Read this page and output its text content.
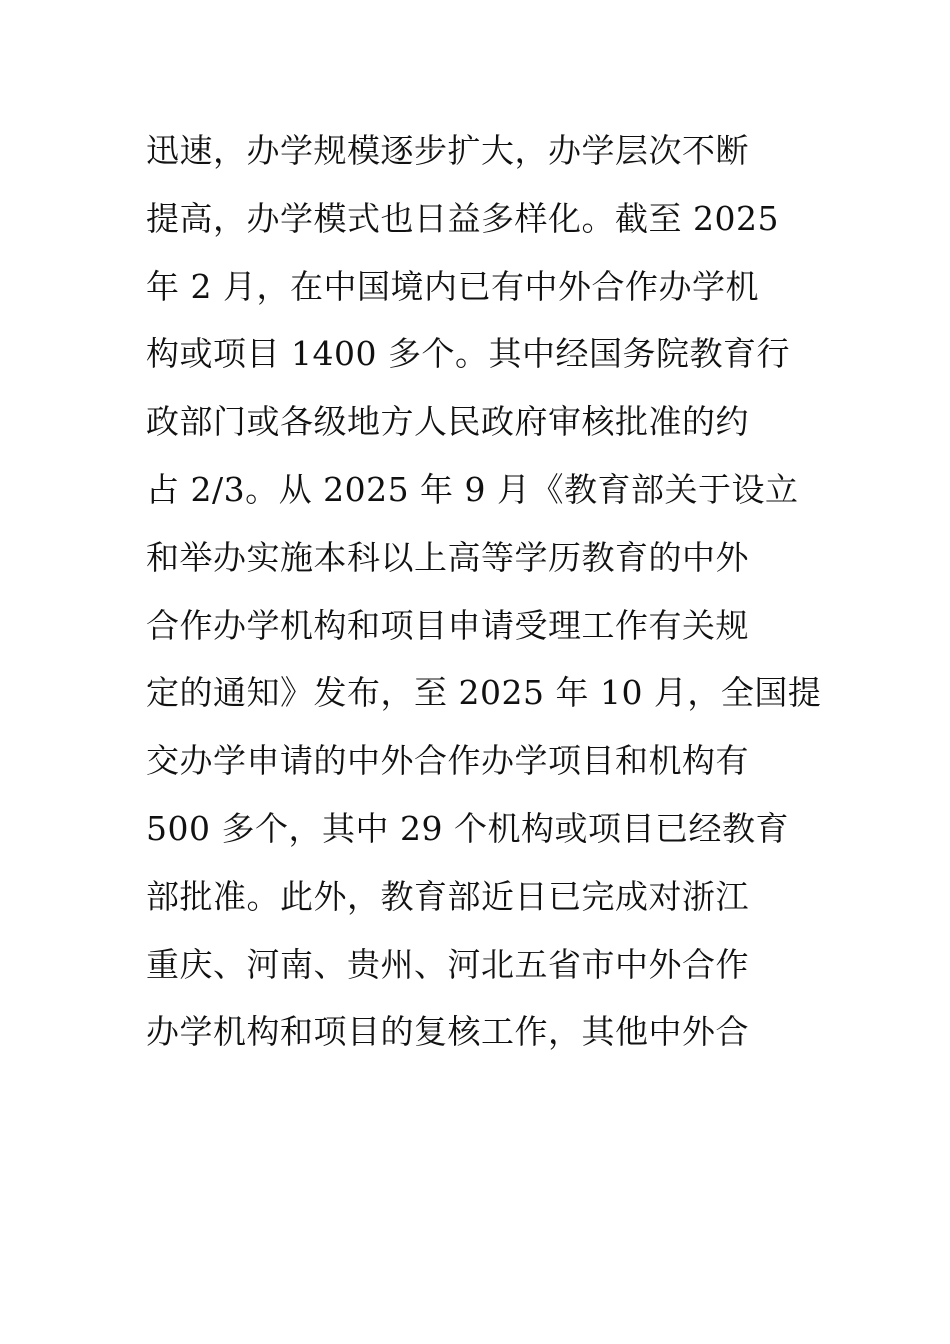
迅速，办学规模逐步扩大，办学层次不断
提高，办学模式也日益多样化。截至 2025
年 2 月，在中国境内已有中外合作办学机
构或项目 1400 多个。其中经国务院教育行
政部门或各级地方人民政府审核批准的约
占 2/3。从 2025 年 9 月《教育部关于设立
和举办实施本科以上高等学历教育的中外
合作办学机构和项目申请受理工作有关规
定的通知》发布，至 2025 年 10 月，全国提
交办学申请的中外合作办学项目和机构有
500 多个，其中 29 个机构或项目已经教育
部批准。此外，教育部近日已完成对浙江
重庆、河南、贵州、河北五省市中外合作
办学机构和项目的复核工作，其他中外合
